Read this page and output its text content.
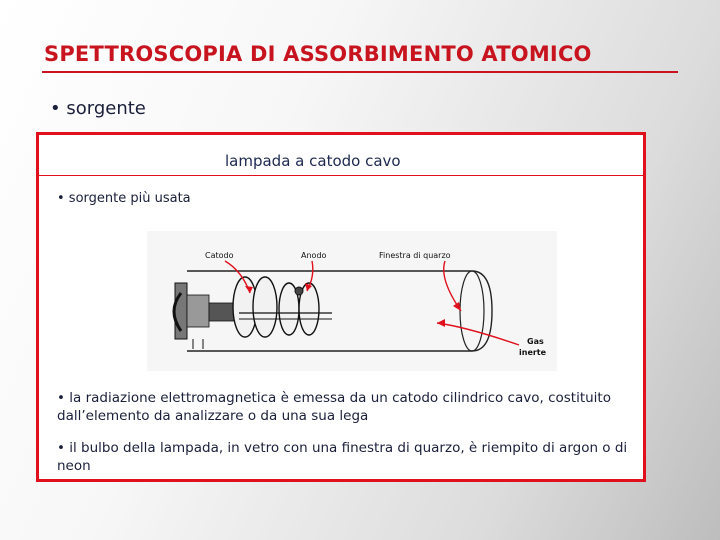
SPETTROSCOPIA DI ASSORBIMENTO ATOMICO
• sorgente
lampada a catodo cavo
• sorgente più usata
Catodo	Anodo	Finestra di quarzo
Gas
inerte
• la radiazione elettromagnetica è emessa da un catodo cilindrico cavo, costituito dall’elemento da analizzare o da una sua lega
• il bulbo della lampada, in vetro con una finestra di quarzo, è riempito di argon o di neon
